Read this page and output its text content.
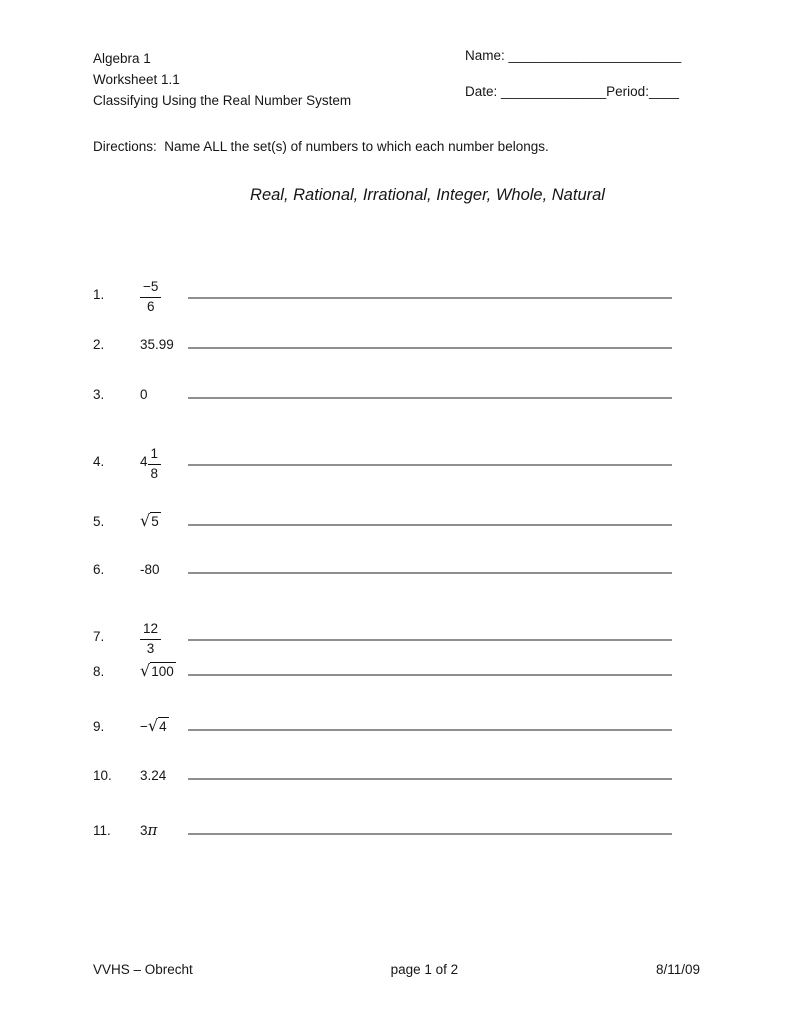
Algebra 1
Worksheet 1.1
Classifying Using the Real Number System
Name: _______________________
Date: ______________Period:____

Directions:  Name ALL the set(s) of numbers to which each number belongs.

Real, Rational, Irrational, Integer, Whole, Natural
1.	$\frac{-5}{6}$
2.	35.99
3.	0
4.	$4 \frac{1}{8}$
5. √5
6.	-80
7.	$\frac{12}{3}$
8. √100
9.	−√4
10. 3.24
11. 3π
VVHS – Obrecht	page 1 of 2	8/11/09
